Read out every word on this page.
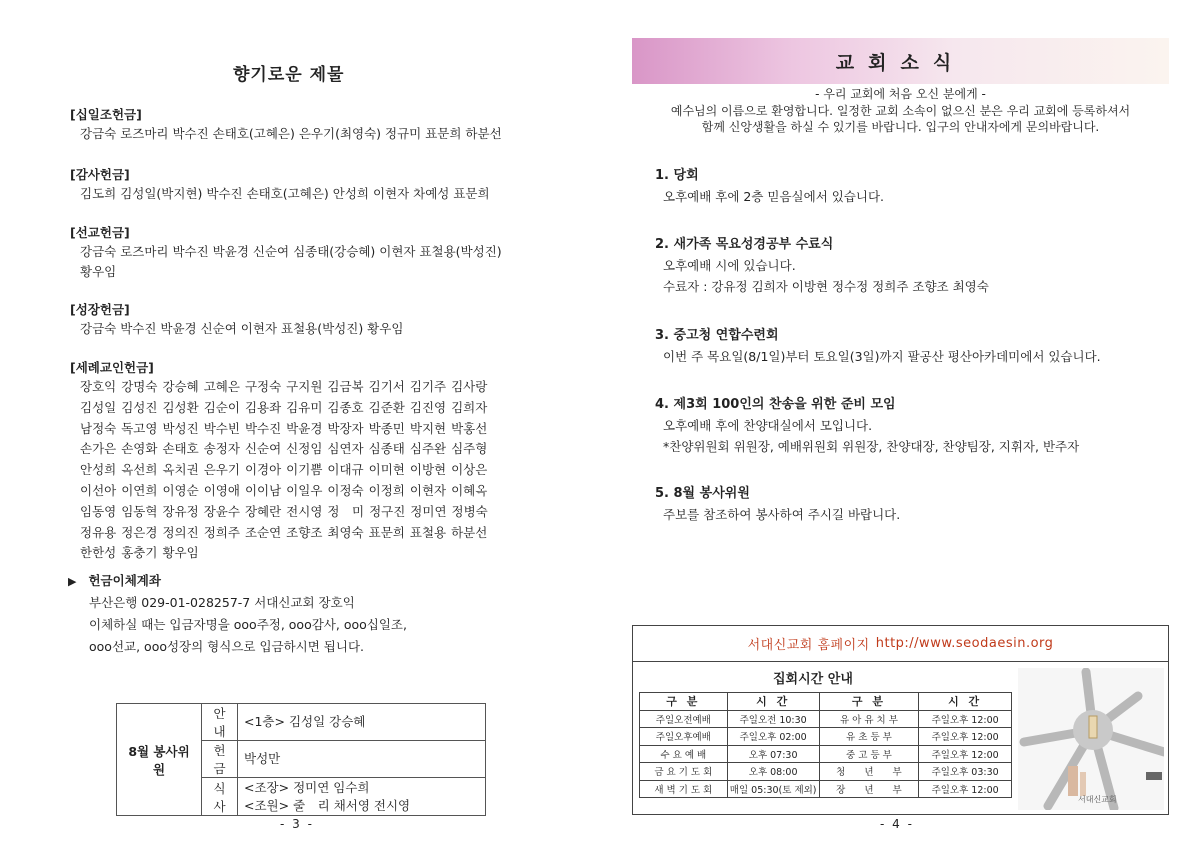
향기로운 제물
[십일조헌금]
강금숙 로즈마리 박수진 손태호(고혜은) 은우기(최영숙) 정규미 표문희 하분선
[감사헌금]
김도희 김성일(박지현) 박수진 손태호(고혜은) 안성희 이현자 차예성 표문희
[선교헌금]
강금숙 로즈마리 박수진 박윤경 신순여 심종태(강승혜) 이현자 표철용(박성진)
황우임
[성장헌금]
강금숙 박수진 박윤경 신순여 이현자 표철용(박성진) 황우임
[세례교인헌금]
장호익 강명숙 강승혜 고혜은 구정숙 구지원 김금복 김기서 김기주 김사랑
김성일 김성진 김성환 김순이 김용좌 김유미 김종호 김준환 김진영 김희자
남정숙 독고영 박성진 박수빈 박수진 박윤경 박장자 박종민 박지현 박홍선
손가은 손영화 손태호 송정자 신순여 신정임 심연자 심종태 심주완 심주형
안성희 옥선희 옥치권 은우기 이경아 이기쁨 이대규 이미현 이방현 이상은
이선아 이연희 이영순 이영애 이이남 이일우 이정숙 이정희 이현자 이혜옥
임동영 임동혁 장유정 장윤수 장혜란 전시영 정　미 정구진 정미연 정병숙
정유용 정은경 정의진 정희주 조순연 조향조 최영숙 표문희 표철용 하분선
한한성 홍충기 황우임
▶ 헌금이체계좌
부산은행 029-01-028257-7 서대신교회 장호익
이체하실 때는 입금자명을 ooo주정, ooo감사, ooo십일조,
ooo선교, ooo성장의 형식으로 입금하시면 됩니다.
8월 봉사위원	안내	<1층> 김성일 강승혜
	헌금	박성만
	식사	<조장> 정미연 임수희
<조원> 줄　리 채서영 전시영
- 3 -
교회소식
- 우리 교회에 처음 오신 분에게 -
예수님의 이름으로 환영합니다. 일정한 교회 소속이 없으신 분은 우리 교회에 등록하셔서
함께 신앙생활을 하실 수 있기를 바랍니다. 입구의 안내자에게 문의바랍니다.
1. 당회
오후예배 후에 2층 믿음실에서 있습니다.
2. 새가족 목요성경공부 수료식
오후예배 시에 있습니다.
수료자 : 강유정 김희자 이방현 정수정 정희주 조향조 최영숙
3. 중고청 연합수련회
이번 주 목요일(8/1일)부터 토요일(3일)까지 팔공산 평산아카데미에서 있습니다.
4. 제3회 100인의 찬송을 위한 준비 모임
오후예배 후에 찬양대실에서 모입니다.
*찬양위원회 위원장, 예배위원회 위원장, 찬양대장, 찬양팀장, 지휘자, 반주자
5. 8월 봉사위원
주보를 참조하여 봉사하여 주시길 바랍니다.
서대신교회 홈페이지 http://www.seodaesin.org
집회시간 안내
구 분	시 간	구 분	시 간
주일오전예배	주일오전 10:30	유 아 유 치 부	주일오후 12:00
주일오후예배	주일오후 02:00	유 초 등 부	주일오후 12:00
수 요 예 배	오후 07:30	중 고 등 부	주일오후 12:00
금 요 기 도 회	오후 08:00	청　　년　　부	주일오후 03:30
새 벽 기 도 회	매일 05:30(토 제외)	장　　년　　부	주일오후 12:00
서대신교회
- 4 -
